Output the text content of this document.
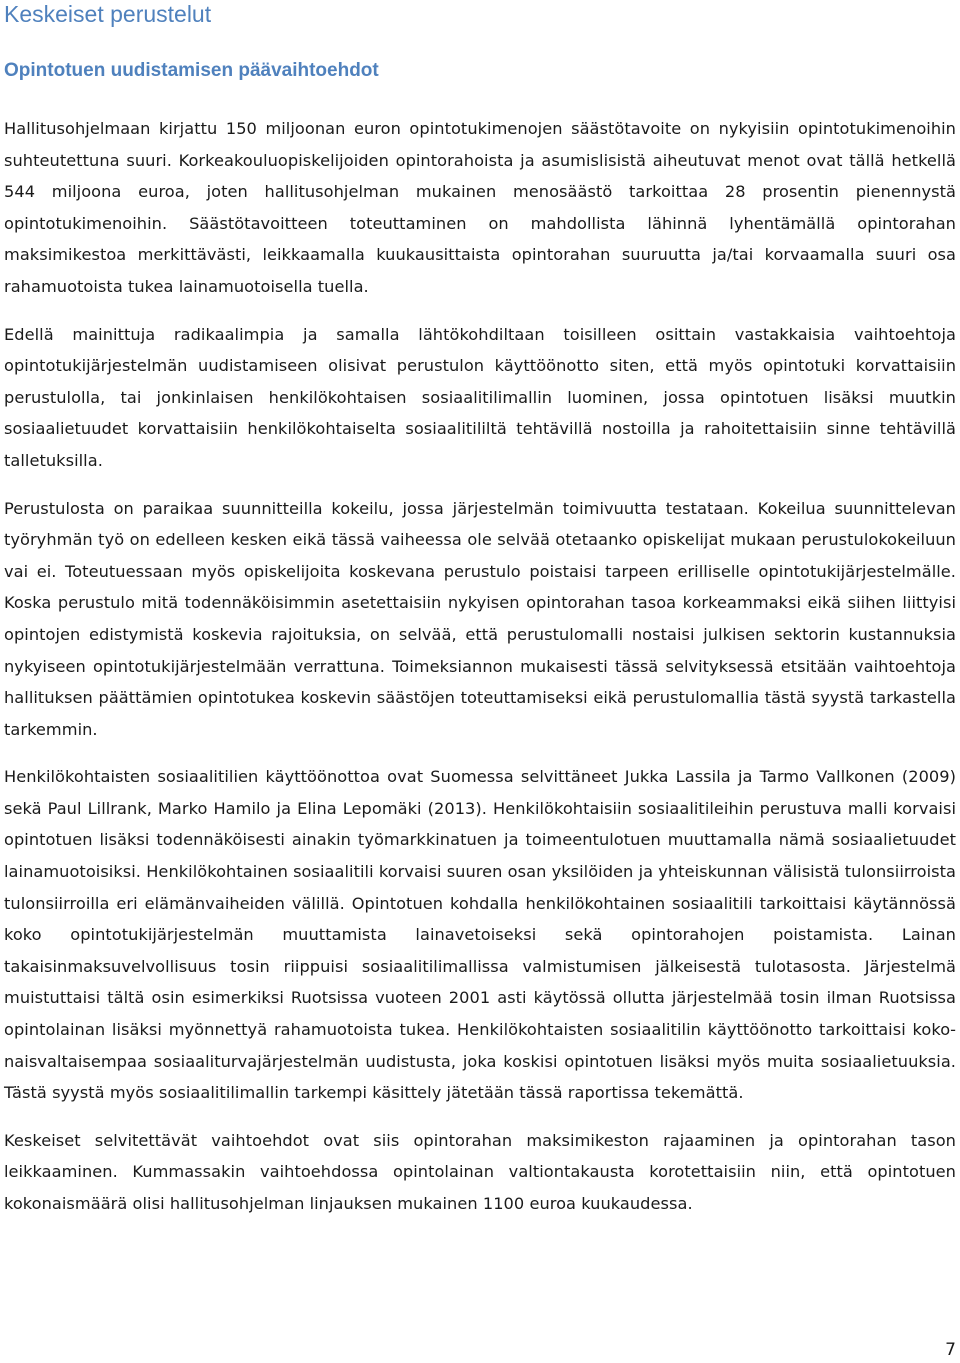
Keskeiset perustelut
Opintotuen uudistamisen päävaihtoehdot

Hallitusohjelmaan kirjattu 150 miljoonan euron opintotukimenojen säästötavoite on nykyisiin opintotukimenoihin suhteutettuna suuri. Korkeakouluopiskelijoiden opintorahoista ja asumislisistä aiheutuvat menot ovat tällä hetkellä 544 miljoona euroa, joten hallitusohjelman mukainen menosäästö tarkoittaa 28 prosentin pienennystä opintotukimenoihin. Säästötavoitteen toteuttaminen on mahdollista lähinnä lyhentämällä opintorahan maksimikestoa merkittävästi, leikkaamalla kuukausittaista opintorahan suuruutta ja/tai korvaamalla suuri osa rahamuotoista tukea lainamuotoisella tuella.

Edellä mainittuja radikaalimpia ja samalla lähtökohdiltaan toisilleen osittain vastakkaisia vaihtoehtoja opintotukijärjestelmän uudistamiseen olisivat perustulon käyttöönotto siten, että myös opintotuki korvattaisiin perustulolla, tai jonkinlaisen henkilökohtaisen sosiaalitilimallin luominen, jossa opintotuen lisäksi muutkin sosiaalietuudet korvattaisiin henkilökohtaiselta sosiaalitililtä tehtävillä nostoilla ja rahoitettaisiin sinne tehtävillä talletuksilla.

Perustulosta on paraikaa suunnitteilla kokeilu, jossa järjestelmän toimivuutta testataan. Kokeilua suunnittelevan työryhmän työ on edelleen kesken eikä tässä vaiheessa ole selvää otetaanko opiskelijat mukaan perustulokokeiluun vai ei. Toteutuessaan myös opiskelijoita koskevana perustulo poistaisi tarpeen erilliselle opintotukijärjestelmälle. Koska perustulo mitä todennäköisimmin asetettaisiin nykyisen opintorahan tasoa korkeammaksi eikä siihen liittyisi opintojen edistymistä koskevia rajoituksia, on selvää, että perustulomalli nostaisi julkisen sektorin kustannuksia nykyiseen opintotukijärjestelmään verrattuna. Toimeksiannon mukaisesti tässä selvityksessä etsitään vaihtoehtoja hallituksen päättämien opintotukea koskevin säästöjen toteuttamiseksi eikä perustulomallia tästä syystä tarkastella tarkemmin.

Henkilökohtaisten sosiaalitilien käyttöönottoa ovat Suomessa selvittäneet Jukka Lassila ja Tarmo Vallkonen (2009) sekä Paul Lillrank, Marko Hamilo ja Elina Lepomäki (2013). Henkilökohtaisiin sosiaalitileihin perustuva malli korvaisi opintotuen lisäksi todennäköisesti ainakin työmarkkinatuen ja toimeentulotuen muuttamalla nämä sosiaalietuudet lainamuotoisiksi. Henkilökohtainen sosiaalitili korvaisi suuren osan yksilöiden ja yhteiskunnan välisistä tulonsiirroista tulonsiirroilla eri elämänvaiheiden välillä. Opintotuen kohdalla henkilökohtainen sosiaalitili tarkoittaisi käytännössä koko opintotukijärjestelmän muuttamista lainavetoiseksi sekä opintorahojen poistamista. Lainan takaisinmaksuvelvollisuus tosin riippuisi sosiaalitilimallissa valmistumisen jälkeisestä tulotasosta. Järjestelmä muistuttaisi tältä osin esimerkiksi Ruotsissa vuoteen 2001 asti käytössä ollutta järjestelmää tosin ilman Ruotsissa opintolainan lisäksi myönnettyä rahamuotoista tukea. Henkilökohtaisten sosiaalitilin käyttöönotto tarkoittaisi kokonaisvaltaisempaa sosiaaliturvajärjestelmän uudistusta, joka koskisi opintotuen lisäksi myös muita sosiaalietuuksia. Tästä syystä myös sosiaalitilimallin tarkempi käsittely jätetään tässä raportissa tekemättä.

Keskeiset selvitettävät vaihtoehdot ovat siis opintorahan maksimikeston rajaaminen ja opintorahan tason leikkaaminen. Kummassakin vaihtoehdossa opintolainan valtiontakausta korotettaisiin niin, että opintotuen kokonaismäärä olisi hallitusohjelman linjauksen mukainen 1100 euroa kuukaudessa.

7
